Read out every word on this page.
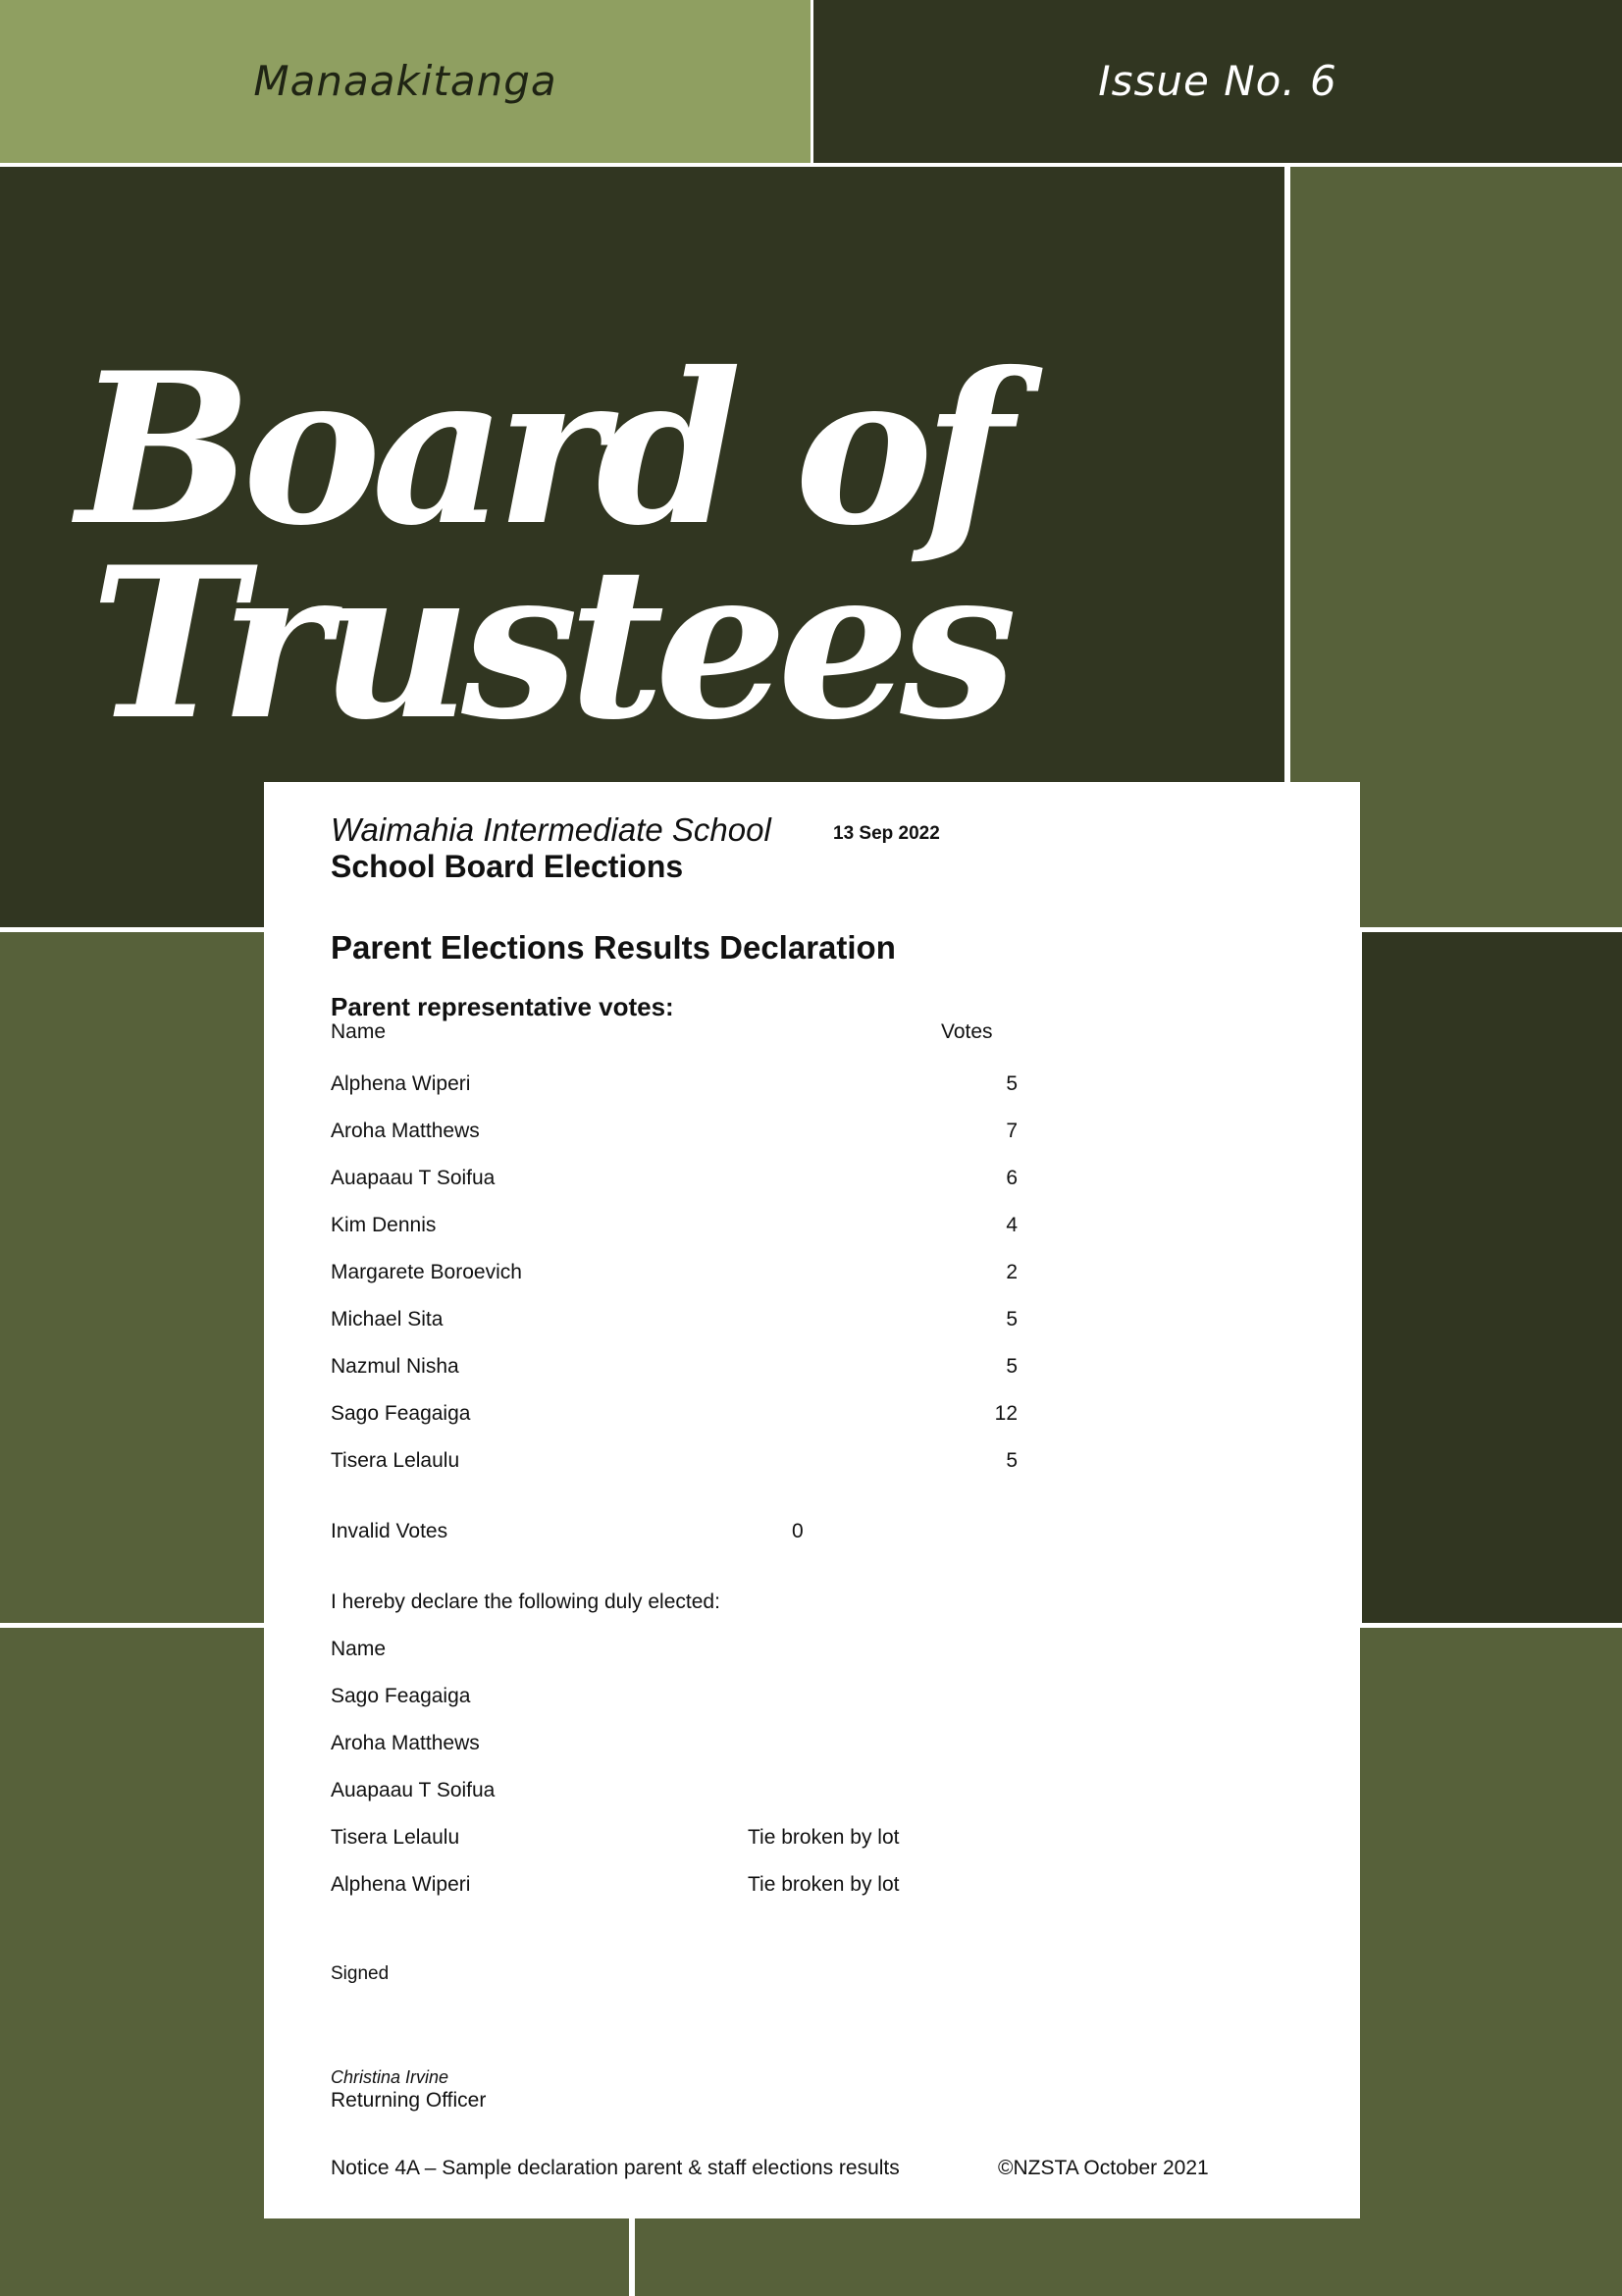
Manaakitanga	Issue No. 6
Board of
Trustees
Waimahia Intermediate School	13 Sep 2022
School Board Elections
Parent Elections Results Declaration
Parent representative votes:
Name	Votes
Alphena Wiperi	5
Aroha Matthews	7
Auapaau T Soifua	6
Kim Dennis	4
Margarete Boroevich	2
Michael Sita	5
Nazmul Nisha	5
Sago Feagaiga	12
Tisera Lelaulu	5
Invalid Votes	0
I hereby declare the following duly elected:
Name
Sago Feagaiga
Aroha Matthews
Auapaau T Soifua
Tisera Lelaulu	Tie broken by lot
Alphena Wiperi	Tie broken by lot
Signed
Christina Irvine
Returning Officer
Notice 4A – Sample declaration parent & staff elections results	©NZSTA October 2021
